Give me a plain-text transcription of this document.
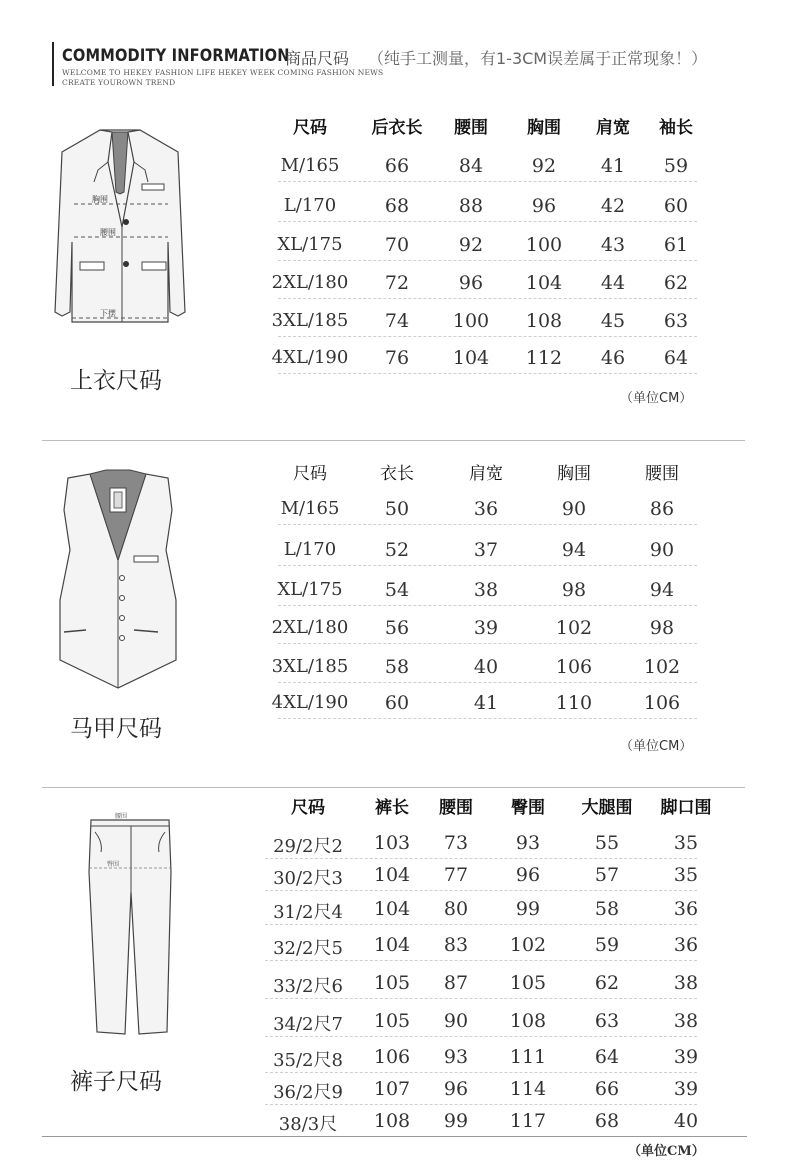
COMMODITY INFORMATION
商品尺码 （纯手工测量，有1-3CM误差属于正常现象！）
WELCOME TO HEKEY FASHION LIFE HEKEY WEEK COMING FASHION NEWS
CREATE YOUROWN TREND
胸围
腰围
下摆
上衣尺码
尺码	后衣长 腰围 胸围 肩宽 袖长
M/165 66	84	92 41 59
L/170	68	88	96 42 60
XL/175 70	92 100 43 61
2XL/180 72	96 104 44 62
3XL/185 74 100 108 45 63
4XL/190 76 104 112 46 64
（单位CM）
马甲尺码
尺码	衣长	肩宽	胸围	腰围
M/165 50	36	90	86
L/170	52	37	94	90
XL/175 54	38	98	94
2XL/180 56	39	102	98
3XL/185 58	40	106	102
4XL/190 60	41	110	106
（单位CM）
腰围
臀围
裤子尺码
尺码	裤长 腰围 臀围 大腿围 脚口围
29/2尺2 103 73	93	55	35
30/2尺3 104 77	96	57	35
31/2尺4 104 80	99	58	36
32/2尺5 104 83 102	59	36
33/2尺6 105 87 105	62	38
34/2尺7 105 90 108	63	38
35/2尺8 106 93 111	64	39
36/2尺9 107 96 114	66	39
38/3尺 108 99 117	68	40
（单位CM）
